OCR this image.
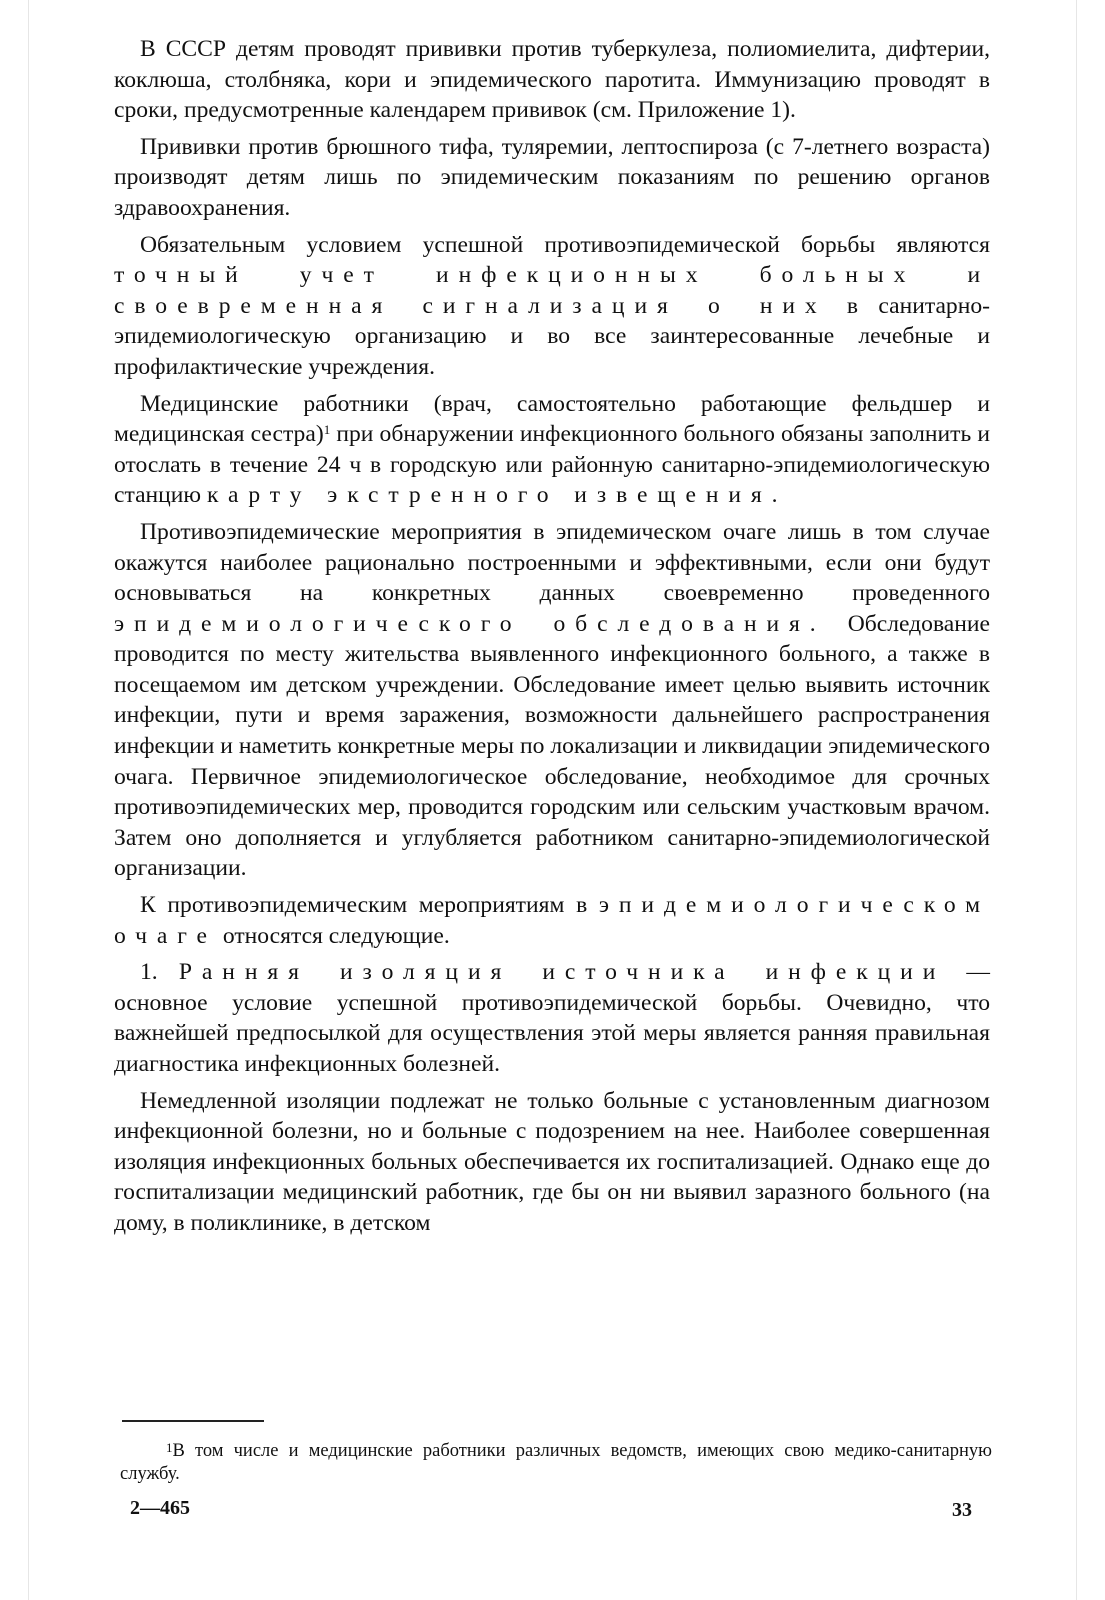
В СССР детям проводят прививки против туберкулеза, полиомиелита, дифтерии, коклюша, столбняка, кори и эпидемического паротита. Иммунизацию проводят в сроки, предусмотренные календарем прививок (см. Приложение 1).

Прививки против брюшного тифа, туляремии, лептоспироза (с 7-летнего возраста) производят детям лишь по эпидемическим показаниям по решению органов здравоохранения.

Обязательным условием успешной противоэпидемической борьбы являются точный учет инфекционных больных и своевременная сигнализация о них в санитарно-эпидемиологическую организацию и во все заинтересованные лечебные и профилактические учреждения.

Медицинские работники (врач, самостоятельно работающие фельдшер и медицинская сестра)$^1$ при обнаружении инфекционного больного обязаны заполнить и отослать в течение 24 ч в городскую или районную санитарно-эпидемиологическую станцию карту экстренного извещения.

Противоэпидемические мероприятия в эпидемическом очаге лишь в том случае окажутся наиболее рационально построенными и эффективными, если они будут основываться на конкретных данных своевременно проведенного эпидемиологического обследования. Обследование проводится по месту жительства выявленного инфекционного больного, а также в посещаемом им детском учреждении. Обследование имеет целью выявить источник инфекции, пути и время заражения, возможности дальнейшего распространения инфекции и наметить конкретные меры по локализации и ликвидации эпидемического очага. Первичное эпидемиологическое обследование, необходимое для срочных противоэпидемических мер, проводится городским или сельским участковым врачом. Затем оно дополняется и углубляется работником санитарно-эпидемиологической организации.

К противоэпидемическим мероприятиям в эпидемиологическом очаге относятся следующие.

1. Ранняя изоляция источника инфекции — основное условие успешной противоэпидемической борьбы. Очевидно, что важнейшей предпосылкой для осуществления этой меры является ранняя правильная диагностика инфекционных болезней.

Немедленной изоляции подлежат не только больные с установленным диагнозом инфекционной болезни, но и больные с подозрением на нее. Наиболее совершенная изоляция инфекционных больных обеспечивается их госпитализацией. Однако еще до госпитализации медицинский работник, где бы он ни выявил заразного больного (на дому, в поликлинике, в детском

$^1$В том числе и медицинские работники различных ведомств, имеющих свою медико-санитарную службу.
2—465	33
